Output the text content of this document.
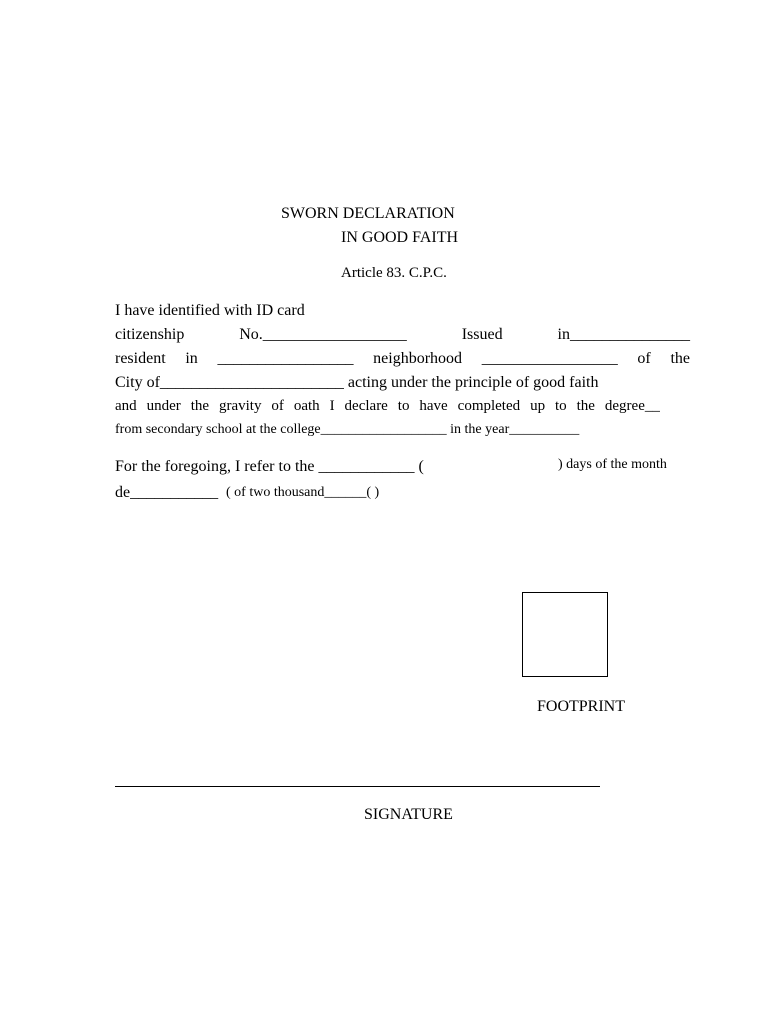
SWORN DECLARATION
IN GOOD FAITH
Article 83. C.P.C.
I have identified with ID card
citizenship	No.__________________	Issued	in_______________
resident in _________________ neighborhood _________________ of the
City of_______________________ acting under the principle of good faith
and under the gravity of oath I declare to have completed up to the degree__
from secondary school at the college__________________ in the year__________
For the foregoing, I refer to the ____________ (	) days of the month
de___________ ( of two thousand______( )
FOOTPRINT
SIGNATURE
